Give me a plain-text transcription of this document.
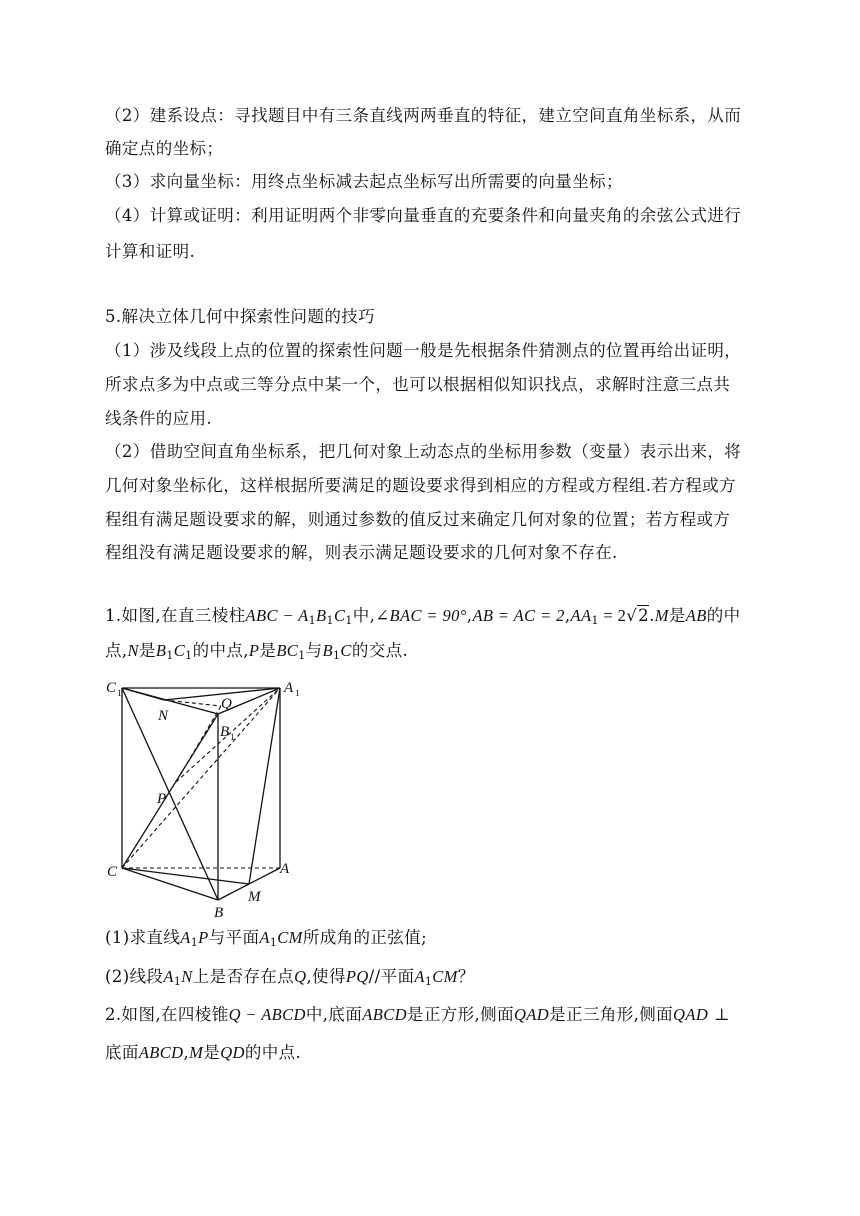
（2）建系设点：寻找题目中有三条直线两两垂直的特征，建立空间直角坐标系，从而
确定点的坐标；
（3）求向量坐标：用终点坐标减去起点坐标写出所需要的向量坐标；
（4）计算或证明：利用证明两个非零向量垂直的充要条件和向量夹角的余弦公式进行
计算和证明.
5.解决立体几何中探索性问题的技巧
（1）涉及线段上点的位置的探索性问题一般是先根据条件猜测点的位置再给出证明，
所求点多为中点或三等分点中某一个，也可以根据相似知识找点，求解时注意三点共
线条件的应用.
（2）借助空间直角坐标系，把几何对象上动态点的坐标用参数（变量）表示出来，将
几何对象坐标化，这样根据所要满足的题设要求得到相应的方程或方程组.若方程或方
程组有满足题设要求的解，则通过参数的值反过来确定几何对象的位置；若方程或方
程组没有满足题设要求的解，则表示满足题设要求的几何对象不存在.
1.如图,在直三棱柱ABC − $A_1B_1C_1$中,∠BAC = 90°,AB = AC = $2,AA_1 = 2√2.M$是AB的中
点,N是$B_1C_1$的中点,P是$BC_1$与$B_1C$的交点.
C 1	A 1
N
Q
B 1
P
C	A
M
B
(1)求直线$A_1P$与平面$A_1CM$所成角的正弦值;
(2)线段$A_1N$上是否存在点Q,使得PQ//平面$A_1CM$？
2.如图,在四棱锥Q − ABCD中,底面ABCD是正方形,侧面QAD是正三角形,侧面QAD ⊥
底面ABCD,M是QD的中点.
